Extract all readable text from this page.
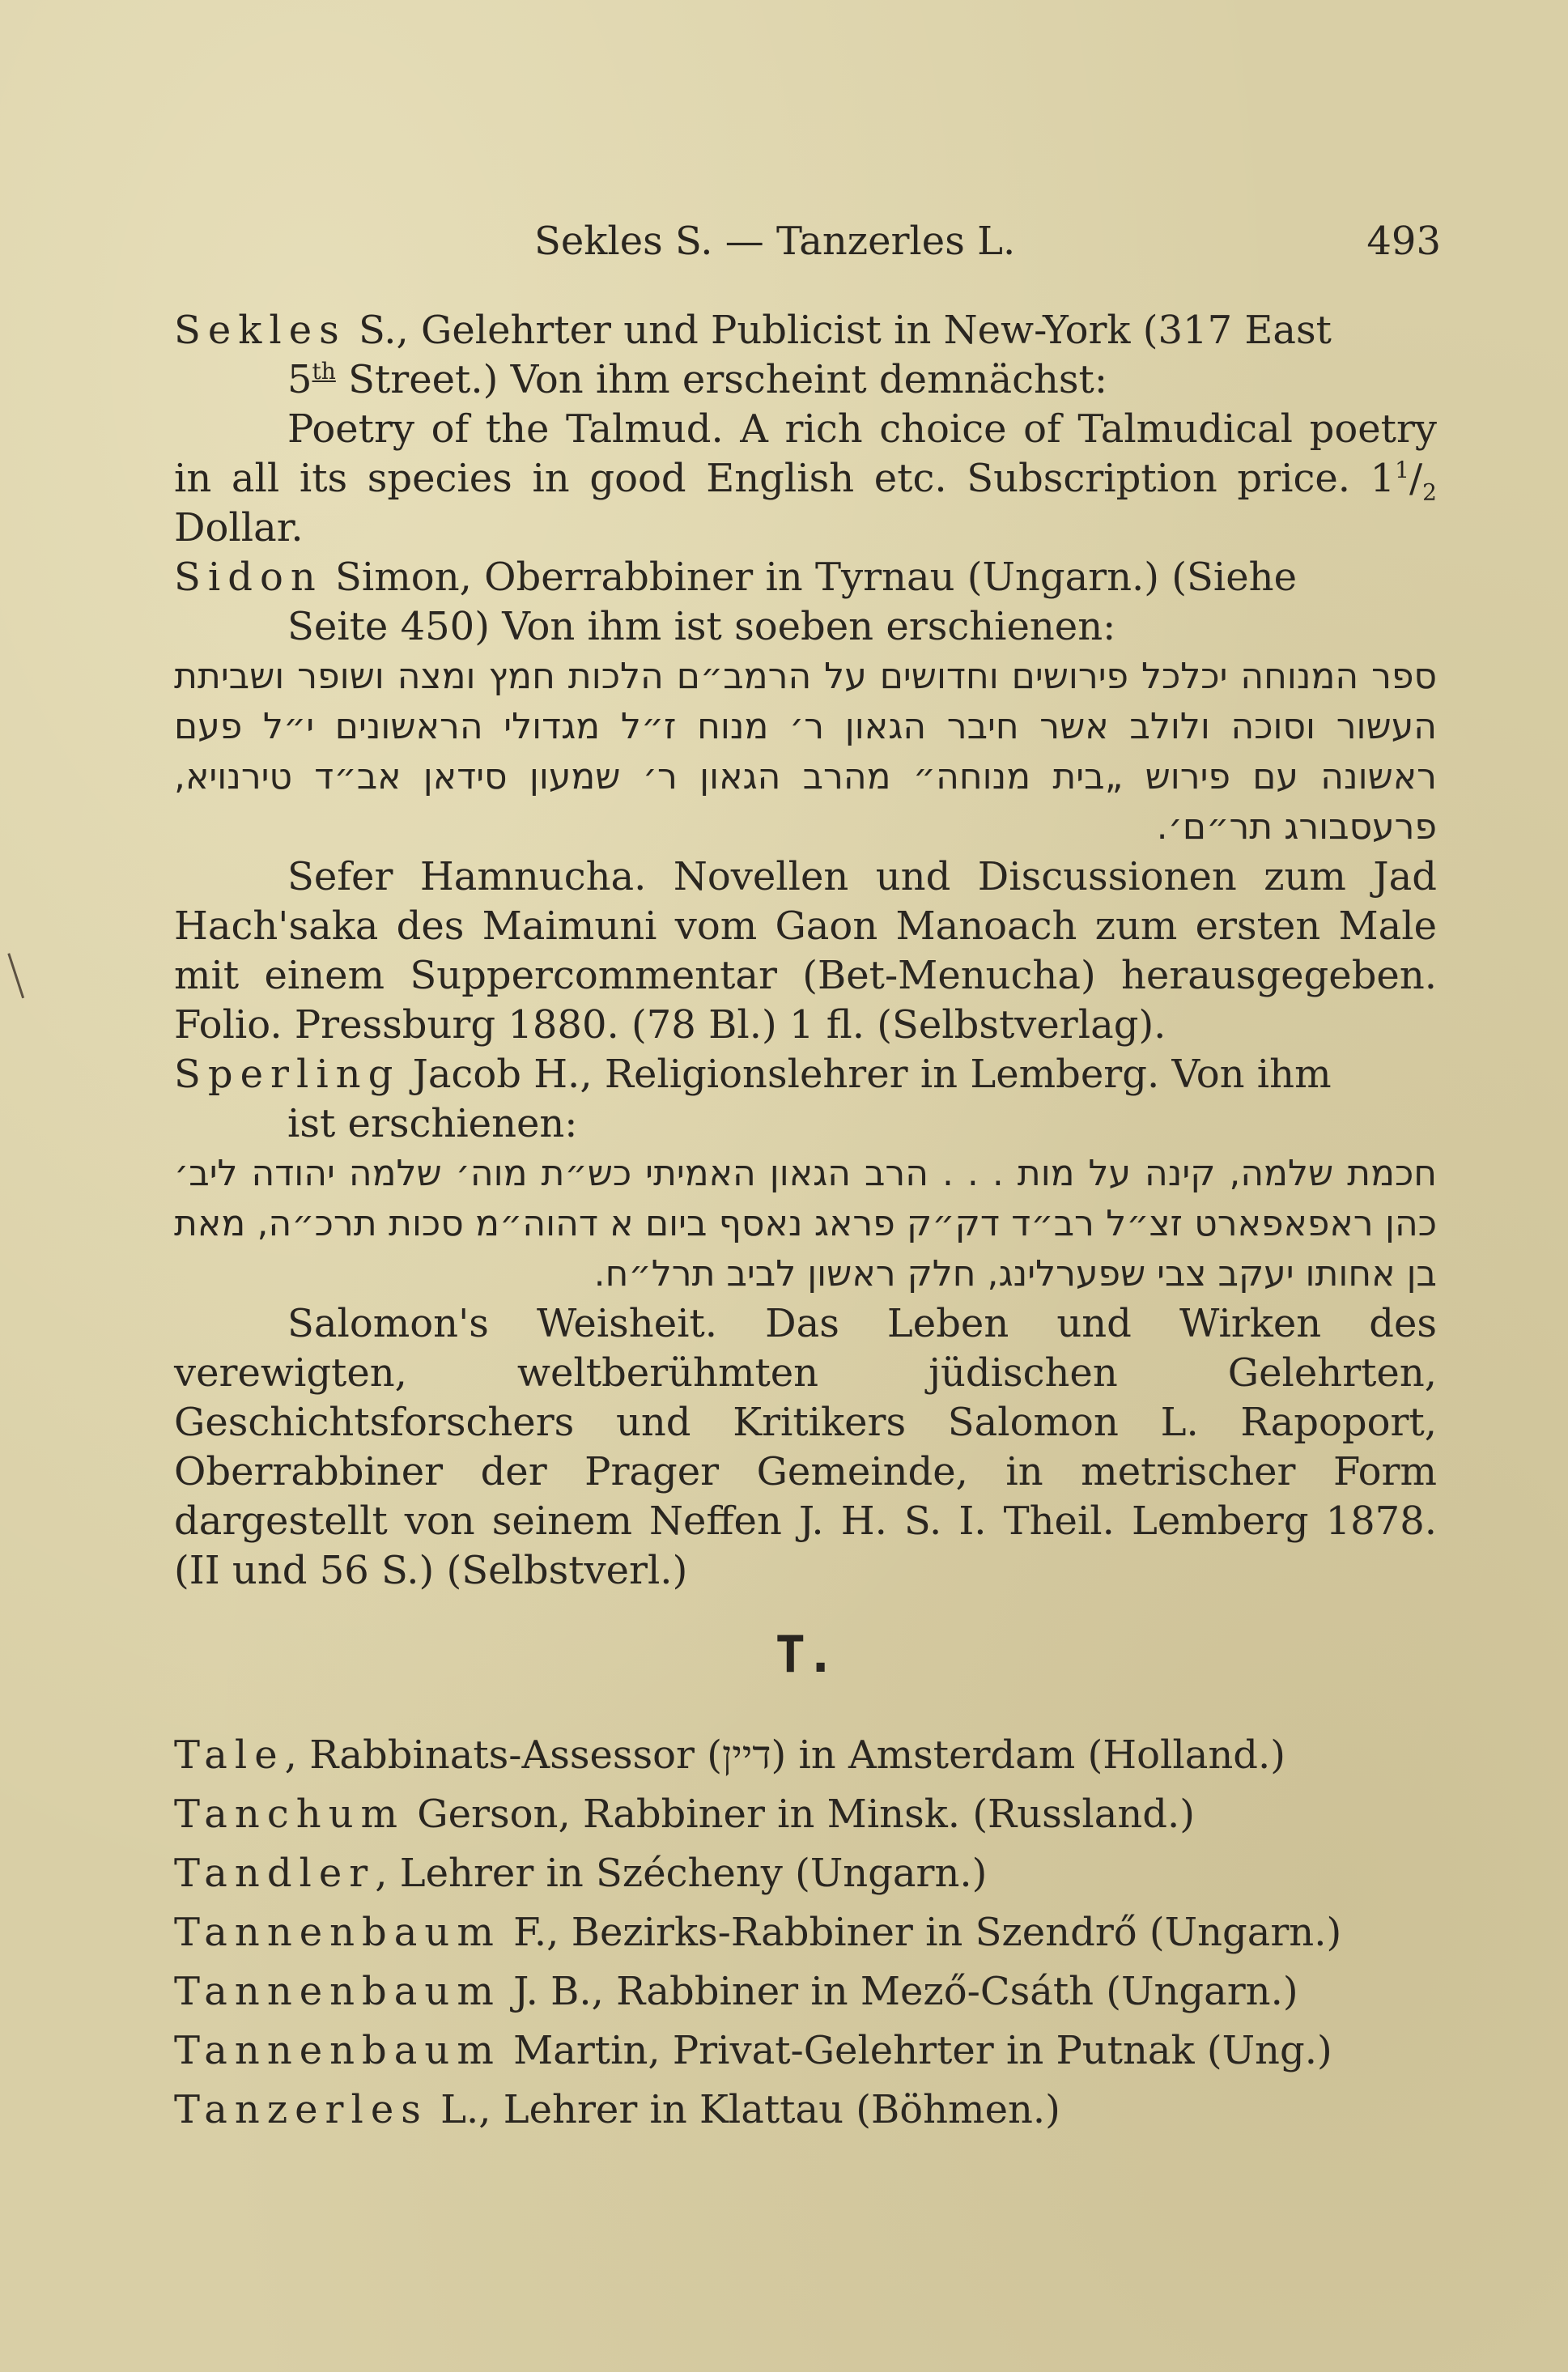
Sekles S. — Tanzerles L.	493

Sekles S., Gelehrter und Publicist in New-York (317 East

5th Street.) Von ihm erscheint demnächst:

Poetry of the Talmud. A rich choice of Talmudical poetry in all its species in good English etc. Subscription price. $1^1/_2$ Dollar.

Sidon Simon, Oberrabbiner in Tyrnau (Ungarn.) (Siehe

Seite 450) Von ihm ist soeben erschienen:

ספר המנוחה יכלכל פירושים וחדושים על הרמב״ם הלכות חמץ ומצה ושופר ושביתת העשור וסוכה ולולב אשר חיבר הגאון ר׳ מנוח ז״ל מגדולי הראשונים י״ל פעם ראשונה עם פירוש „בית מנוחה״ מהרב הגאון ר׳ שמעון סידאן אב״ד טירנויא, פרעסבורג תר״ם׳.

Sefer Hamnucha. Novellen und Discussionen zum Jad Hach'saka des Maimuni vom Gaon Manoach zum ersten Male mit einem Suppercommentar (Bet-Menucha) herausgegeben. Folio. Pressburg 1880. (78 Bl.) 1 fl. (Selbstverlag).

Sperling Jacob H., Religionslehrer in Lemberg. Von ihm

ist erschienen:

חכמת שלמה, קינה על מות . . . הרב הגאון האמיתי כש״ת מוה׳ שלמה יהודה ליב׳ כהן ראפאפארט זצ״ל רב״ד דק״ק פראג נאסף ביום א דהוה״מ סכות תרכ״ה, מאת בן אחותו יעקב צבי שפערלינג, חלק ראשון לביב תרל״ח.

Salomon's Weisheit. Das Leben und Wirken des verewigten, weltberühmten jüdischen Gelehrten, Geschichtsforschers und Kritikers Salomon L. Rapoport, Oberrabbiner der Prager Gemeinde, in metrischer Form dargestellt von seinem Neffen J. H. S. I. Theil. Lemberg 1878. (II und 56 S.) (Selbstverl.)

T.

Tale, Rabbinats-Assessor (דיין) in Amsterdam (Holland.)

Tanchum Gerson, Rabbiner in Minsk. (Russland.)

Tandler, Lehrer in Szécheny (Ungarn.)

Tannenbaum F., Bezirks-Rabbiner in Szendrő (Ungarn.)

Tannenbaum J. B., Rabbiner in Mező-Csáth (Ungarn.)

Tannenbaum Martin, Privat-Gelehrter in Putnak (Ung.)

Tanzerles L., Lehrer in Klattau (Böhmen.)
